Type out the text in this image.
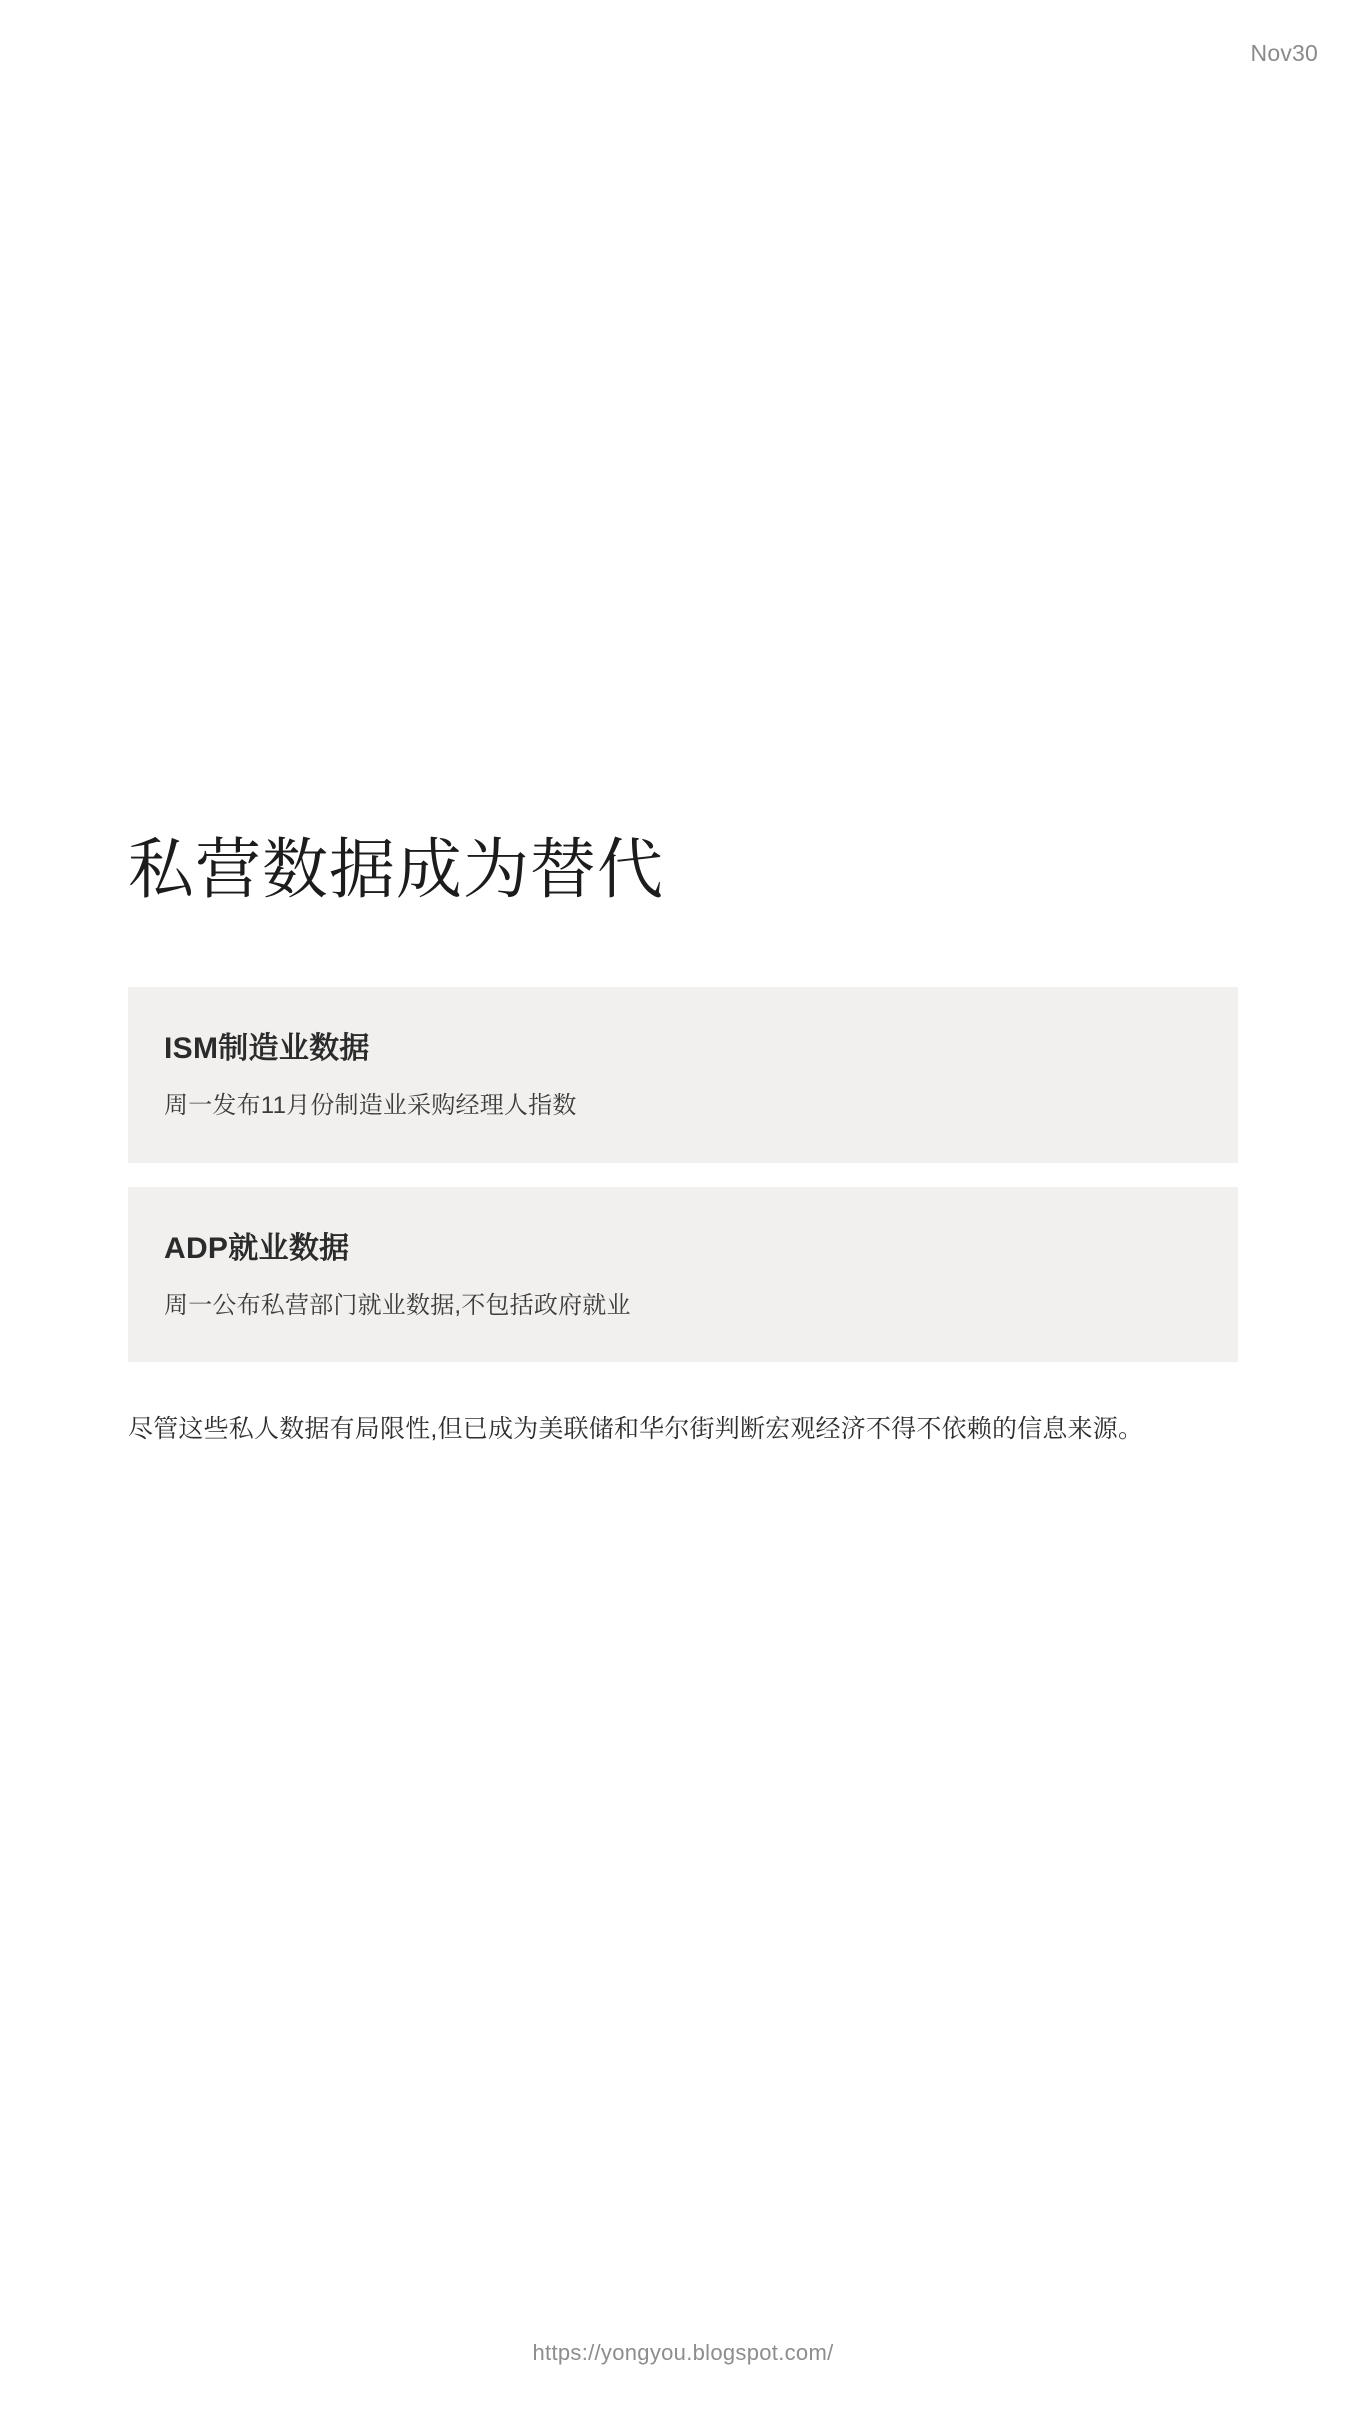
Nov30
私营数据成为替代
ISM制造业数据

周一发布11月份制造业采购经理人指数

ADP就业数据

周一公布私营部门就业数据,不包括政府就业

尽管这些私人数据有局限性,但已成为美联储和华尔街判断宏观经济不得不依赖的信息来源。
https://yongyou.blogspot.com/
